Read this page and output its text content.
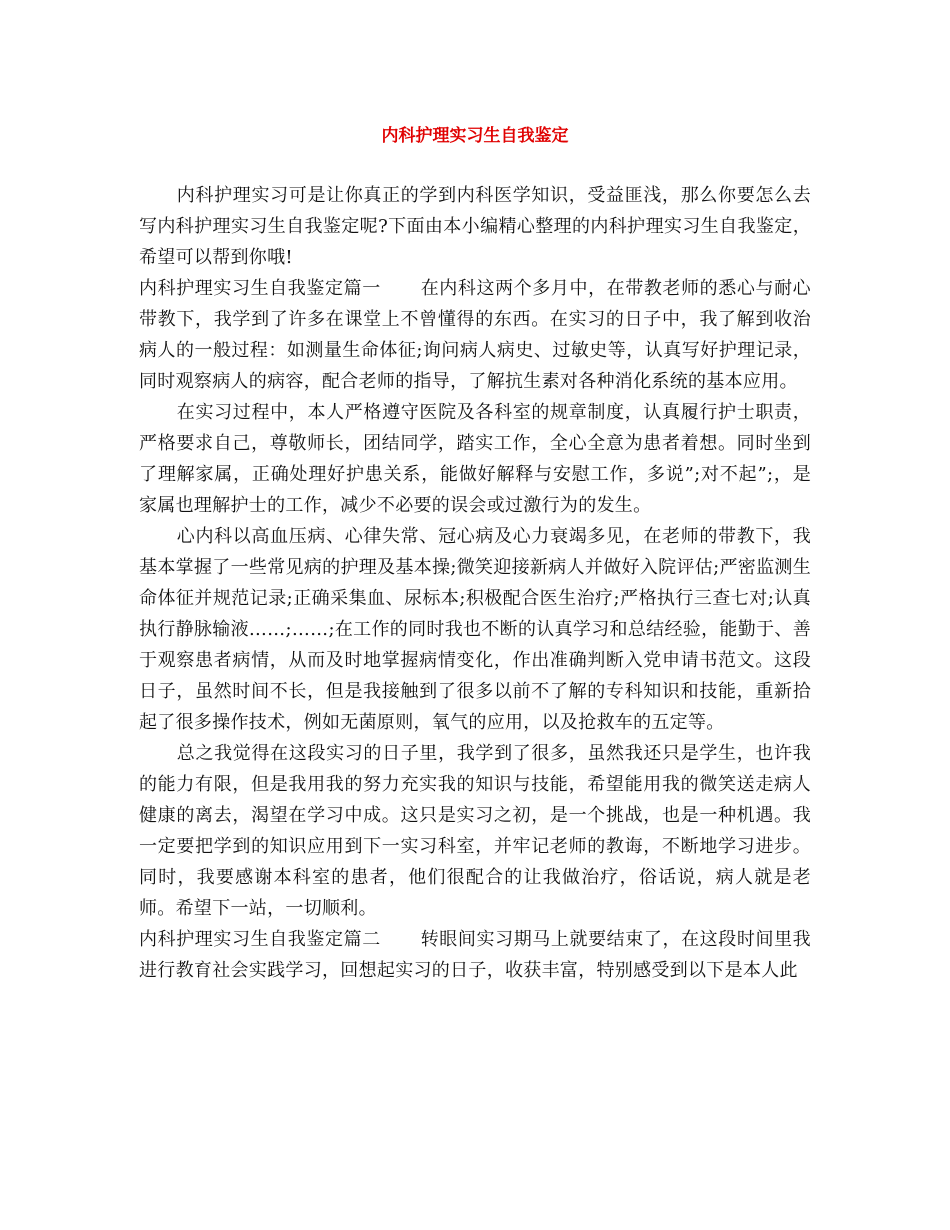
内科护理实习生自我鉴定

内科护理实习可是让你真正的学到内科医学知识，受益匪浅，那么你要怎么去写内科护理实习生自我鉴定呢?下面由本小编精心整理的内科护理实习生自我鉴定，希望可以帮到你哦!

内科护理实习生自我鉴定篇一 在内科这两个多月中，在带教老师的悉心与耐心带教下，我学到了许多在课堂上不曾懂得的东西。在实习的日子中，我了解到收治病人的一般过程：如测量生命体征;询问病人病史、过敏史等，认真写好护理记录，同时观察病人的病容，配合老师的指导，了解抗生素对各种消化系统的基本应用。

在实习过程中，本人严格遵守医院及各科室的规章制度，认真履行护士职责，严格要求自己，尊敬师长，团结同学，踏实工作，全心全意为患者着想。同时坐到了理解家属，正确处理好护患关系，能做好解释与安慰工作，多说”;对不起”;，是家属也理解护士的工作，减少不必要的误会或过激行为的发生。

心内科以高血压病、心律失常、冠心病及心力衰竭多见，在老师的带教下，我基本掌握了一些常见病的护理及基本操;微笑迎接新病人并做好入院评估;严密监测生命体征并规范记录;正确采集血、尿标本;积极配合医生治疗;严格执行三查七对;认真执行静脉输液……;……;在工作的同时我也不断的认真学习和总结经验，能勤于、善于观察患者病情，从而及时地掌握病情变化，作出准确判断入党申请书范文。这段日子，虽然时间不长，但是我接触到了很多以前不了解的专科知识和技能，重新拾起了很多操作技术，例如无菌原则，氧气的应用，以及抢救车的五定等。

总之我觉得在这段实习的日子里，我学到了很多，虽然我还只是学生，也许我的能力有限，但是我用我的努力充实我的知识与技能，希望能用我的微笑送走病人健康的离去，渴望在学习中成。这只是实习之初，是一个挑战，也是一种机遇。我一定要把学到的知识应用到下一实习科室，并牢记老师的教诲，不断地学习进步。同时，我要感谢本科室的患者，他们很配合的让我做治疗，俗话说，病人就是老师。希望下一站，一切顺利。

内科护理实习生自我鉴定篇二 转眼间实习期马上就要结束了，在这段时间里我进行教育社会实践学习，回想起实习的日子，收获丰富，特别感受到以下是本人此
